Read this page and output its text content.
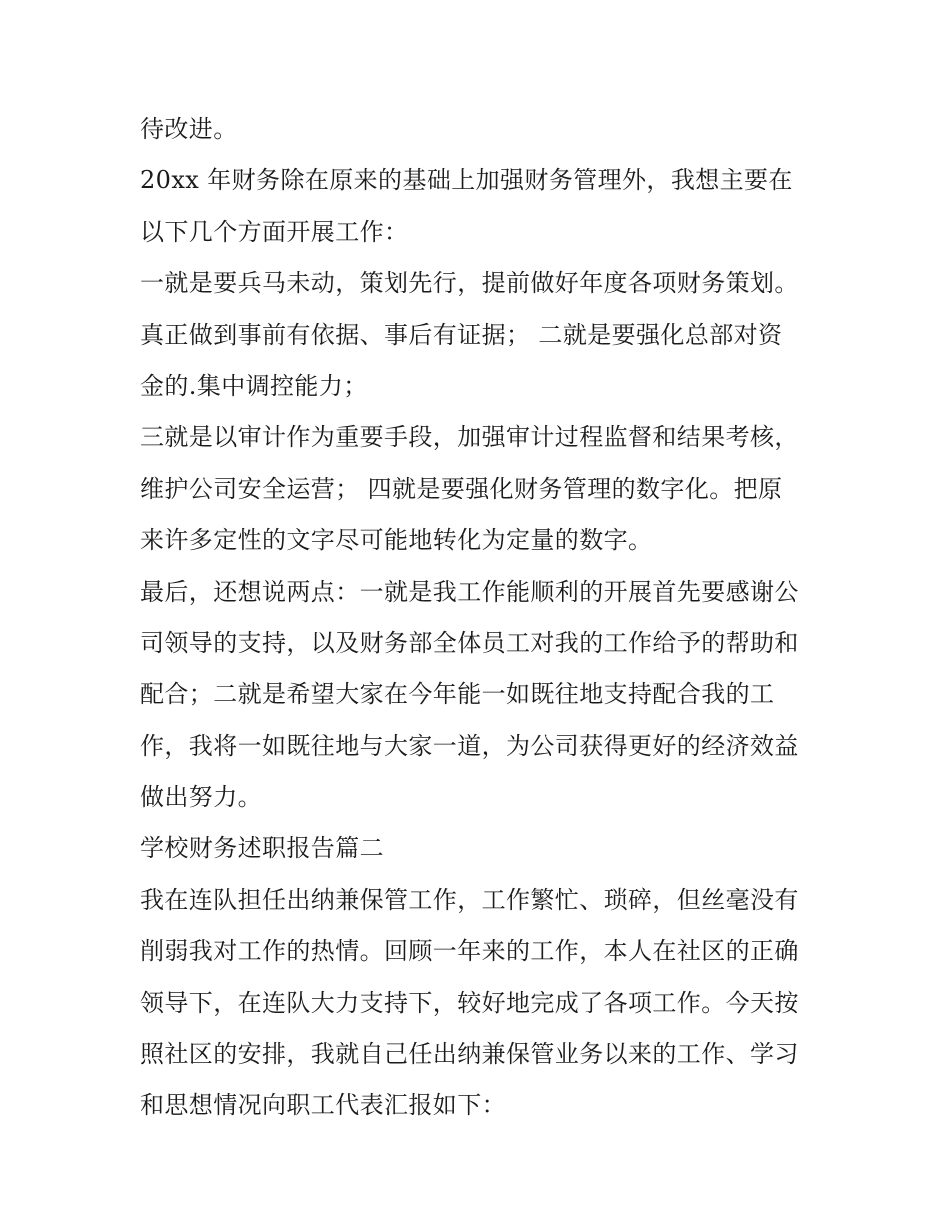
待改进。
20xx 年财务除在原来的基础上加强财务管理外，我想主要在
以下几个方面开展工作：
一就是要兵马未动，策划先行，提前做好年度各项财务策划。
真正做到事前有依据、事后有证据； 二就是要强化总部对资
金的.集中调控能力；
三就是以审计作为重要手段，加强审计过程监督和结果考核，
维护公司安全运营； 四就是要强化财务管理的数字化。把原
来许多定性的文字尽可能地转化为定量的数字。
最后，还想说两点：一就是我工作能顺利的开展首先要感谢公
司领导的支持，以及财务部全体员工对我的工作给予的帮助和
配合；二就是希望大家在今年能一如既往地支持配合我的工
作，我将一如既往地与大家一道，为公司获得更好的经济效益
做出努力。
学校财务述职报告篇二
我在连队担任出纳兼保管工作，工作繁忙、琐碎，但丝毫没有
削弱我对工作的热情。回顾一年来的工作，本人在社区的正确
领导下，在连队大力支持下，较好地完成了各项工作。今天按
照社区的安排，我就自己任出纳兼保管业务以来的工作、学习
和思想情况向职工代表汇报如下：
